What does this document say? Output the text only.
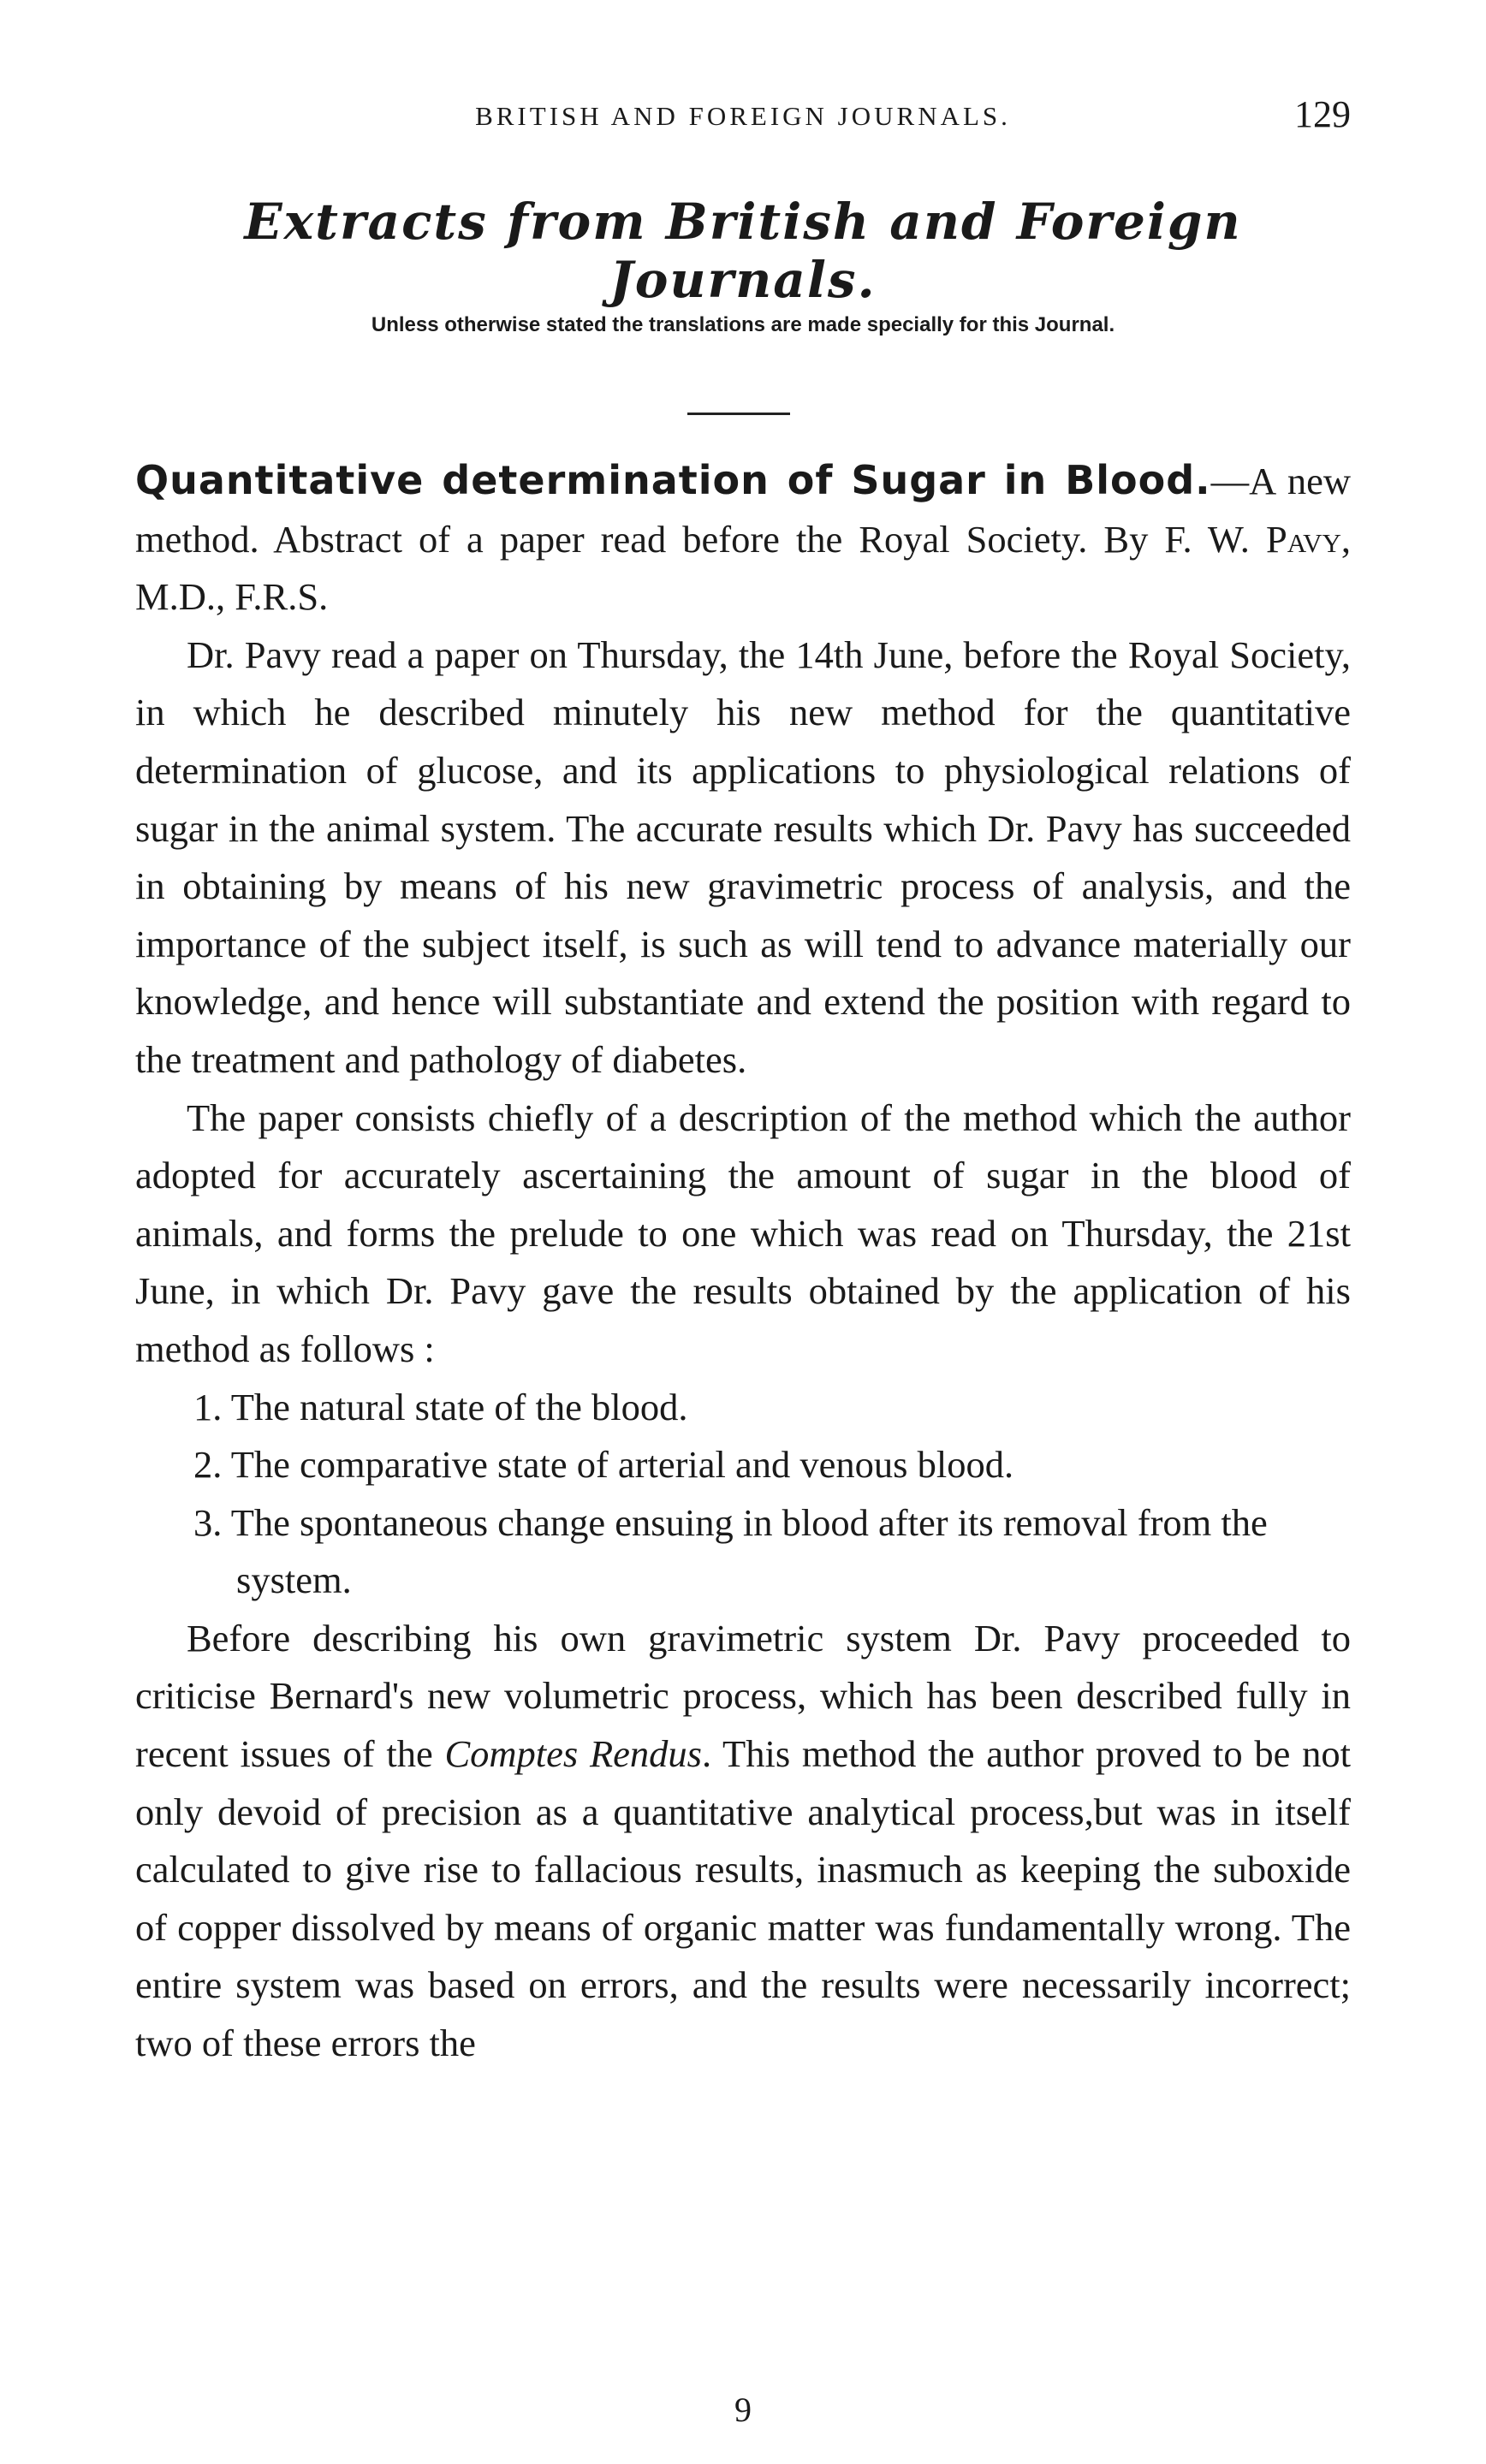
BRITISH AND FOREIGN JOURNALS.	129
Extracts from British and Foreign Journals.
Unless otherwise stated the translations are made specially for this Journal.

Quantitative determination of Sugar in Blood.—A new method. Abstract of a paper read before the Royal Society. By F. W. Pavy, M.D., F.R.S.

Dr. Pavy read a paper on Thursday, the 14th June, before the Royal Society, in which he described minutely his new method for the quantitative determination of glucose, and its applications to physiological relations of sugar in the animal system. The accurate results which Dr. Pavy has succeeded in obtaining by means of his new gravimetric process of analysis, and the importance of the subject itself, is such as will tend to advance materially our knowledge, and hence will substantiate and extend the position with regard to the treatment and pathology of diabetes.

The paper consists chiefly of a description of the method which the author adopted for accurately ascertaining the amount of sugar in the blood of animals, and forms the prelude to one which was read on Thursday, the 21st June, in which Dr. Pavy gave the results obtained by the application of his method as follows :

1. The natural state of the blood.
2. The comparative state of arterial and venous blood.
3. The spontaneous change ensuing in blood after its removal from the system.

Before describing his own gravimetric system Dr. Pavy proceeded to criticise Bernard's new volumetric process, which has been described fully in recent issues of the Comptes Rendus. This method the author proved to be not only devoid of precision as a quantitative analytical process,but was in itself calculated to give rise to fallacious results, inasmuch as keeping the suboxide of copper dissolved by means of organic matter was fundamentally wrong. The entire system was based on errors, and the results were necessarily incorrect; two of these errors the

9
